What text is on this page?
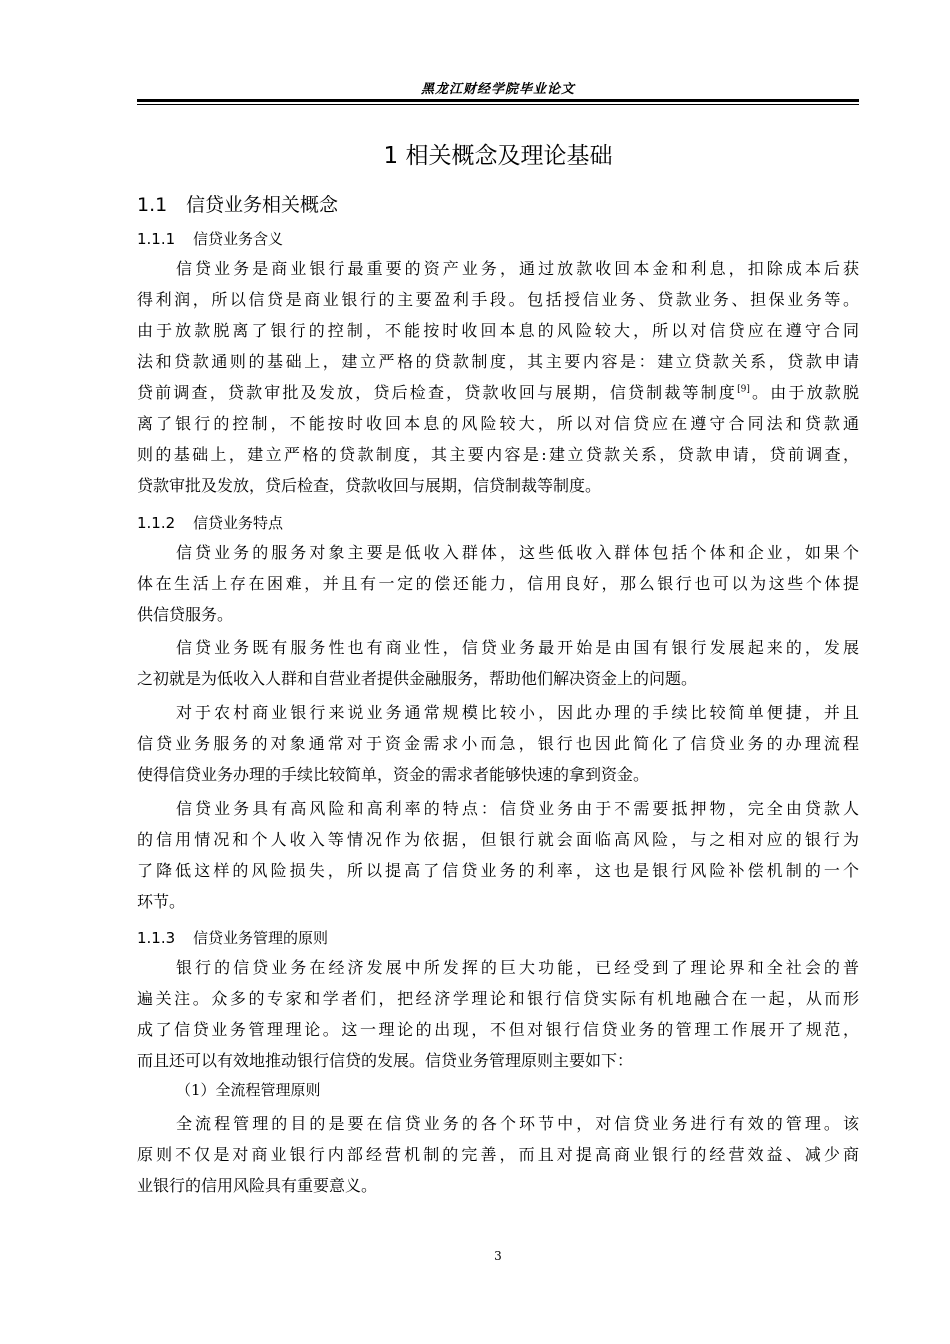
黑龙江财经学院毕业论文
1 相关概念及理论基础
1.1 信贷业务相关概念
1.1.1 信贷业务含义
信贷业务是商业银行最重要的资产业务，通过放款收回本金和利息，扣除成本后获
得利润，所以信贷是商业银行的主要盈利手段。包括授信业务、贷款业务、担保业务等。
由于放款脱离了银行的控制，不能按时收回本息的风险较大，所以对信贷应在遵守合同
法和贷款通则的基础上，建立严格的贷款制度，其主要内容是：建立贷款关系，贷款申请
贷前调查，贷款审批及发放，贷后检查，贷款收回与展期，信贷制裁等制度[9]。由于放款脱
离了银行的控制，不能按时收回本息的风险较大，所以对信贷应在遵守合同法和贷款通
则的基础上，建立严格的贷款制度，其主要内容是:建立贷款关系，贷款申请，贷前调查，
贷款审批及发放，贷后检查，贷款收回与展期，信贷制裁等制度。
1.1.2 信贷业务特点
信贷业务的服务对象主要是低收入群体，这些低收入群体包括个体和企业，如果个
体在生活上存在困难，并且有一定的偿还能力，信用良好，那么银行也可以为这些个体提
供信贷服务。
信贷业务既有服务性也有商业性，信贷业务最开始是由国有银行发展起来的，发展
之初就是为低收入人群和自营业者提供金融服务，帮助他们解决资金上的问题。
对于农村商业银行来说业务通常规模比较小，因此办理的手续比较简单便捷，并且
信贷业务服务的对象通常对于资金需求小而急，银行也因此简化了信贷业务的办理流程
使得信贷业务办理的手续比较简单，资金的需求者能够快速的拿到资金。
信贷业务具有高风险和高利率的特点：信贷业务由于不需要抵押物，完全由贷款人
的信用情况和个人收入等情况作为依据，但银行就会面临高风险，与之相对应的银行为
了降低这样的风险损失，所以提高了信贷业务的利率，这也是银行风险补偿机制的一个
环节。
1.1.3 信贷业务管理的原则
银行的信贷业务在经济发展中所发挥的巨大功能，已经受到了理论界和全社会的普
遍关注。众多的专家和学者们，把经济学理论和银行信贷实际有机地融合在一起，从而形
成了信贷业务管理理论。这一理论的出现，不但对银行信贷业务的管理工作展开了规范，
而且还可以有效地推动银行信贷的发展。信贷业务管理原则主要如下：
（1）全流程管理原则
全流程管理的目的是要在信贷业务的各个环节中，对信贷业务进行有效的管理。该
原则不仅是对商业银行内部经营机制的完善，而且对提高商业银行的经营效益、减少商
业银行的信用风险具有重要意义。
3
